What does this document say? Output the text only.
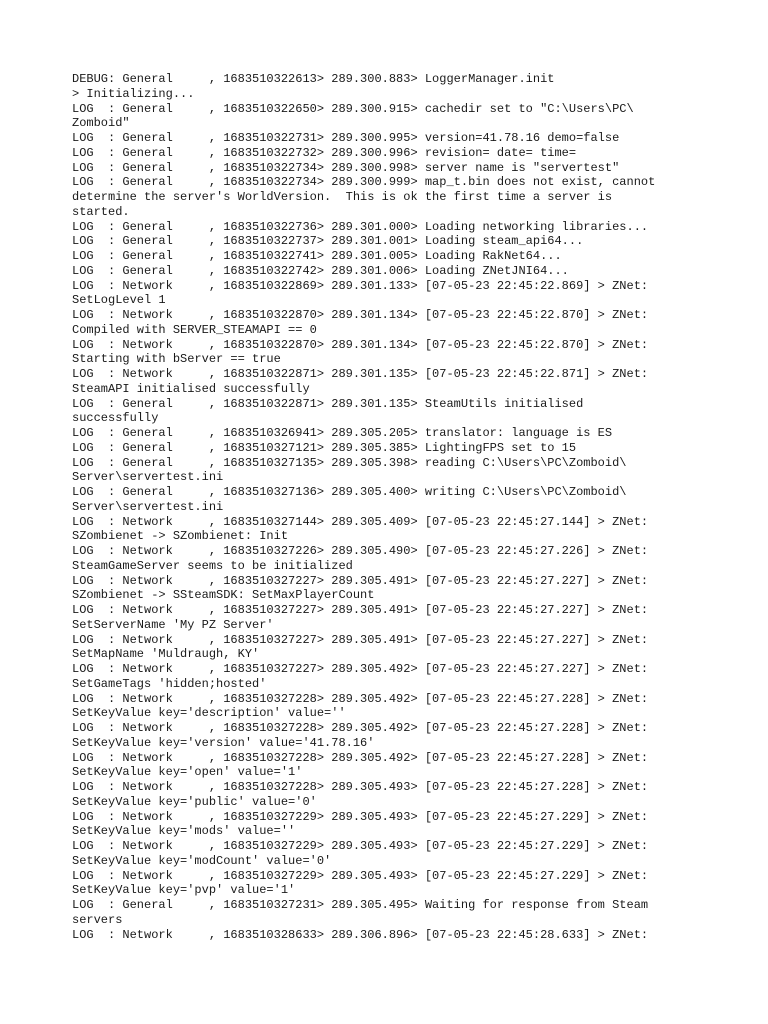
DEBUG: General     , 1683510322613> 289.300.883> LoggerManager.init
> Initializing...
LOG  : General     , 1683510322650> 289.300.915> cachedir set to "C:\Users\PC\
Zomboid"
LOG  : General     , 1683510322731> 289.300.995> version=41.78.16 demo=false
LOG  : General     , 1683510322732> 289.300.996> revision= date= time=
LOG  : General     , 1683510322734> 289.300.998> server name is "servertest"
LOG  : General     , 1683510322734> 289.300.999> map_t.bin does not exist, cannot
determine the server's WorldVersion.  This is ok the first time a server is
started.
LOG  : General     , 1683510322736> 289.301.000> Loading networking libraries...
LOG  : General     , 1683510322737> 289.301.001> Loading steam_api64...
LOG  : General     , 1683510322741> 289.301.005> Loading RakNet64...
LOG  : General     , 1683510322742> 289.301.006> Loading ZNetJNI64...
LOG  : Network     , 1683510322869> 289.301.133> [07-05-23 22:45:22.869] > ZNet:
SetLogLevel 1
LOG  : Network     , 1683510322870> 289.301.134> [07-05-23 22:45:22.870] > ZNet:
Compiled with SERVER_STEAMAPI == 0
LOG  : Network     , 1683510322870> 289.301.134> [07-05-23 22:45:22.870] > ZNet:
Starting with bServer == true
LOG  : Network     , 1683510322871> 289.301.135> [07-05-23 22:45:22.871] > ZNet:
SteamAPI initialised successfully
LOG  : General     , 1683510322871> 289.301.135> SteamUtils initialised
successfully
LOG  : General     , 1683510326941> 289.305.205> translator: language is ES
LOG  : General     , 1683510327121> 289.305.385> LightingFPS set to 15
LOG  : General     , 1683510327135> 289.305.398> reading C:\Users\PC\Zomboid\
Server\servertest.ini
LOG  : General     , 1683510327136> 289.305.400> writing C:\Users\PC\Zomboid\
Server\servertest.ini
LOG  : Network     , 1683510327144> 289.305.409> [07-05-23 22:45:27.144] > ZNet:
SZombienet -> SZombienet: Init
LOG  : Network     , 1683510327226> 289.305.490> [07-05-23 22:45:27.226] > ZNet:
SteamGameServer seems to be initialized
LOG  : Network     , 1683510327227> 289.305.491> [07-05-23 22:45:27.227] > ZNet:
SZombienet -> SSteamSDK: SetMaxPlayerCount
LOG  : Network     , 1683510327227> 289.305.491> [07-05-23 22:45:27.227] > ZNet:
SetServerName 'My PZ Server'
LOG  : Network     , 1683510327227> 289.305.491> [07-05-23 22:45:27.227] > ZNet:
SetMapName 'Muldraugh, KY'
LOG  : Network     , 1683510327227> 289.305.492> [07-05-23 22:45:27.227] > ZNet:
SetGameTags 'hidden;hosted'
LOG  : Network     , 1683510327228> 289.305.492> [07-05-23 22:45:27.228] > ZNet:
SetKeyValue key='description' value=''
LOG  : Network     , 1683510327228> 289.305.492> [07-05-23 22:45:27.228] > ZNet:
SetKeyValue key='version' value='41.78.16'
LOG  : Network     , 1683510327228> 289.305.492> [07-05-23 22:45:27.228] > ZNet:
SetKeyValue key='open' value='1'
LOG  : Network     , 1683510327228> 289.305.493> [07-05-23 22:45:27.228] > ZNet:
SetKeyValue key='public' value='0'
LOG  : Network     , 1683510327229> 289.305.493> [07-05-23 22:45:27.229] > ZNet:
SetKeyValue key='mods' value=''
LOG  : Network     , 1683510327229> 289.305.493> [07-05-23 22:45:27.229] > ZNet:
SetKeyValue key='modCount' value='0'
LOG  : Network     , 1683510327229> 289.305.493> [07-05-23 22:45:27.229] > ZNet:
SetKeyValue key='pvp' value='1'
LOG  : General     , 1683510327231> 289.305.495> Waiting for response from Steam
servers
LOG  : Network     , 1683510328633> 289.306.896> [07-05-23 22:45:28.633] > ZNet:
